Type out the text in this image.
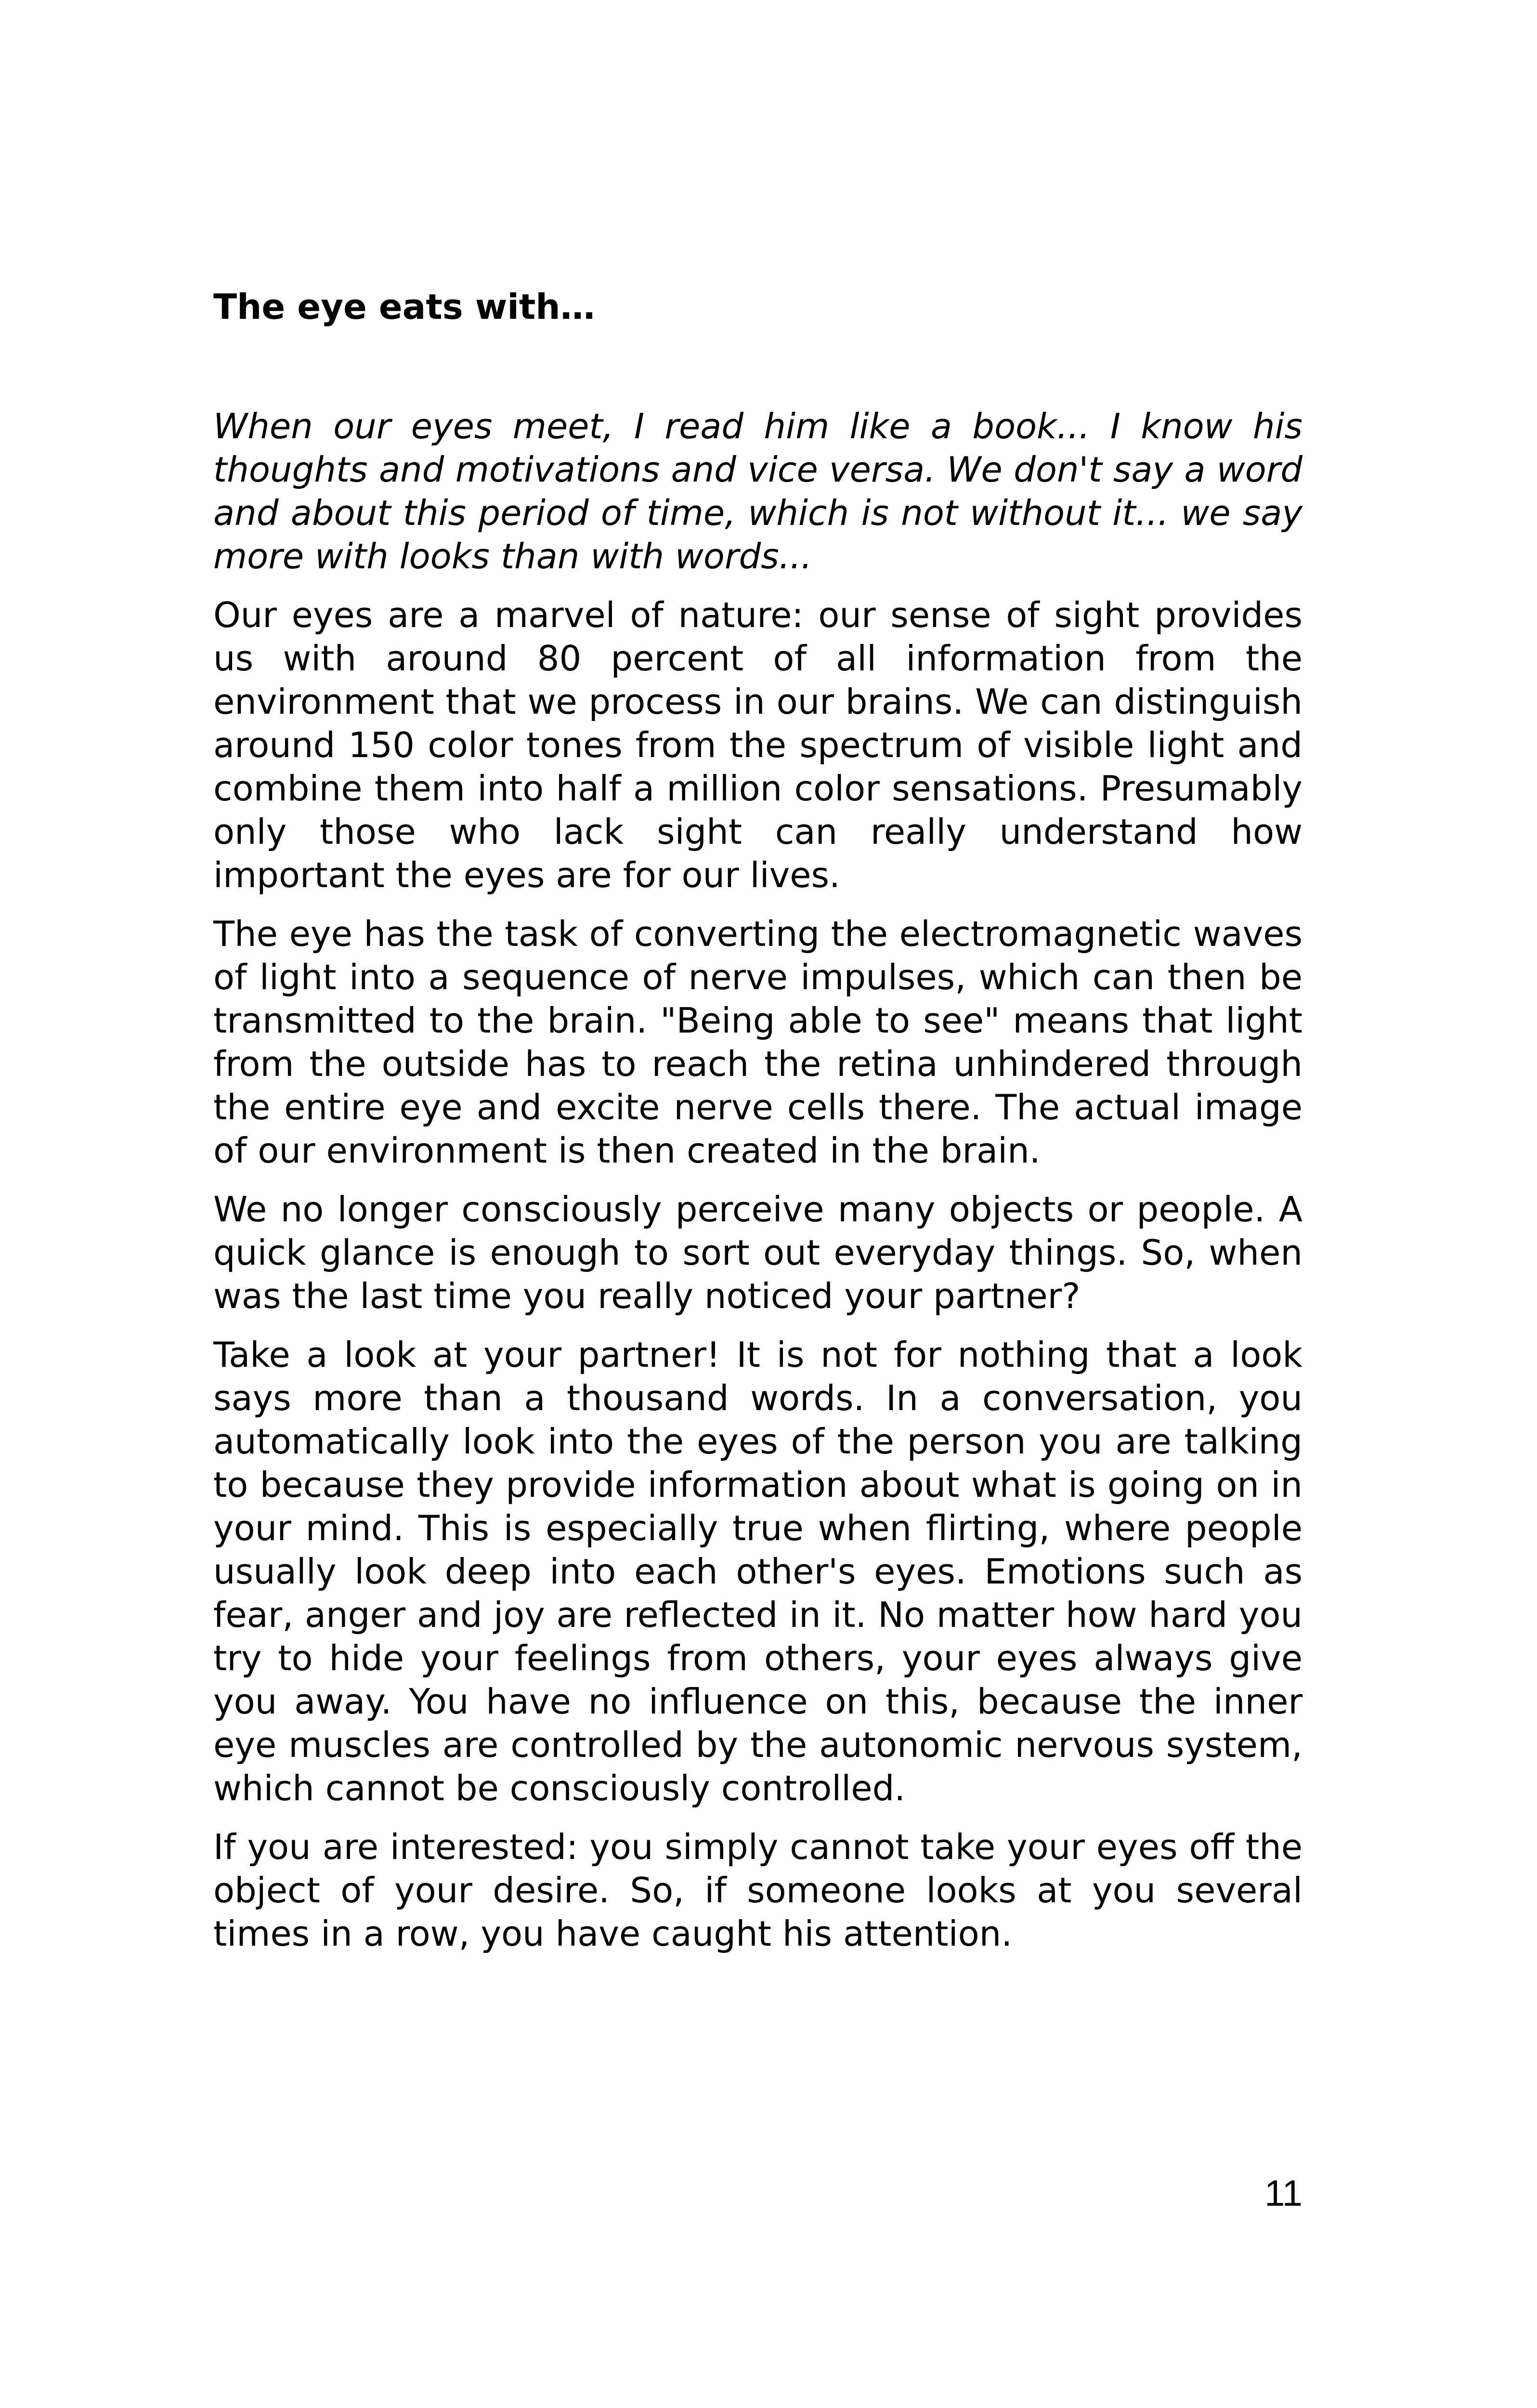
The eye eats with…

When our eyes meet, I read him like a book... I know his thoughts and motivations and vice versa. We don't say a word and about this period of time, which is not without it... we say more with looks than with words...

Our eyes are a marvel of nature: our sense of sight provides us with around 80 percent of all information from the environment that we process in our brains. We can distinguish around 150 color tones from the spectrum of visible light and combine them into half a million color sensations. Presumably only those who lack sight can really understand how important the eyes are for our lives.

The eye has the task of converting the electromagnetic waves of light into a sequence of nerve impulses, which can then be transmitted to the brain. "Being able to see" means that light from the outside has to reach the retina unhindered through the entire eye and excite nerve cells there. The actual image of our environment is then created in the brain.

We no longer consciously perceive many objects or people. A quick glance is enough to sort out everyday things. So, when was the last time you really noticed your partner?

Take a look at your partner! It is not for nothing that a look says more than a thousand words. In a conversation, you automatically look into the eyes of the person you are talking to because they provide information about what is going on in your mind. This is especially true when flirting, where people usually look deep into each other's eyes. Emotions such as fear, anger and joy are reflected in it. No matter how hard you try to hide your feelings from others, your eyes always give you away. You have no influence on this, because the inner eye muscles are controlled by the autonomic nervous system, which cannot be consciously controlled.

If you are interested: you simply cannot take your eyes off the object of your desire. So, if someone looks at you several times in a row, you have caught his attention.

11
